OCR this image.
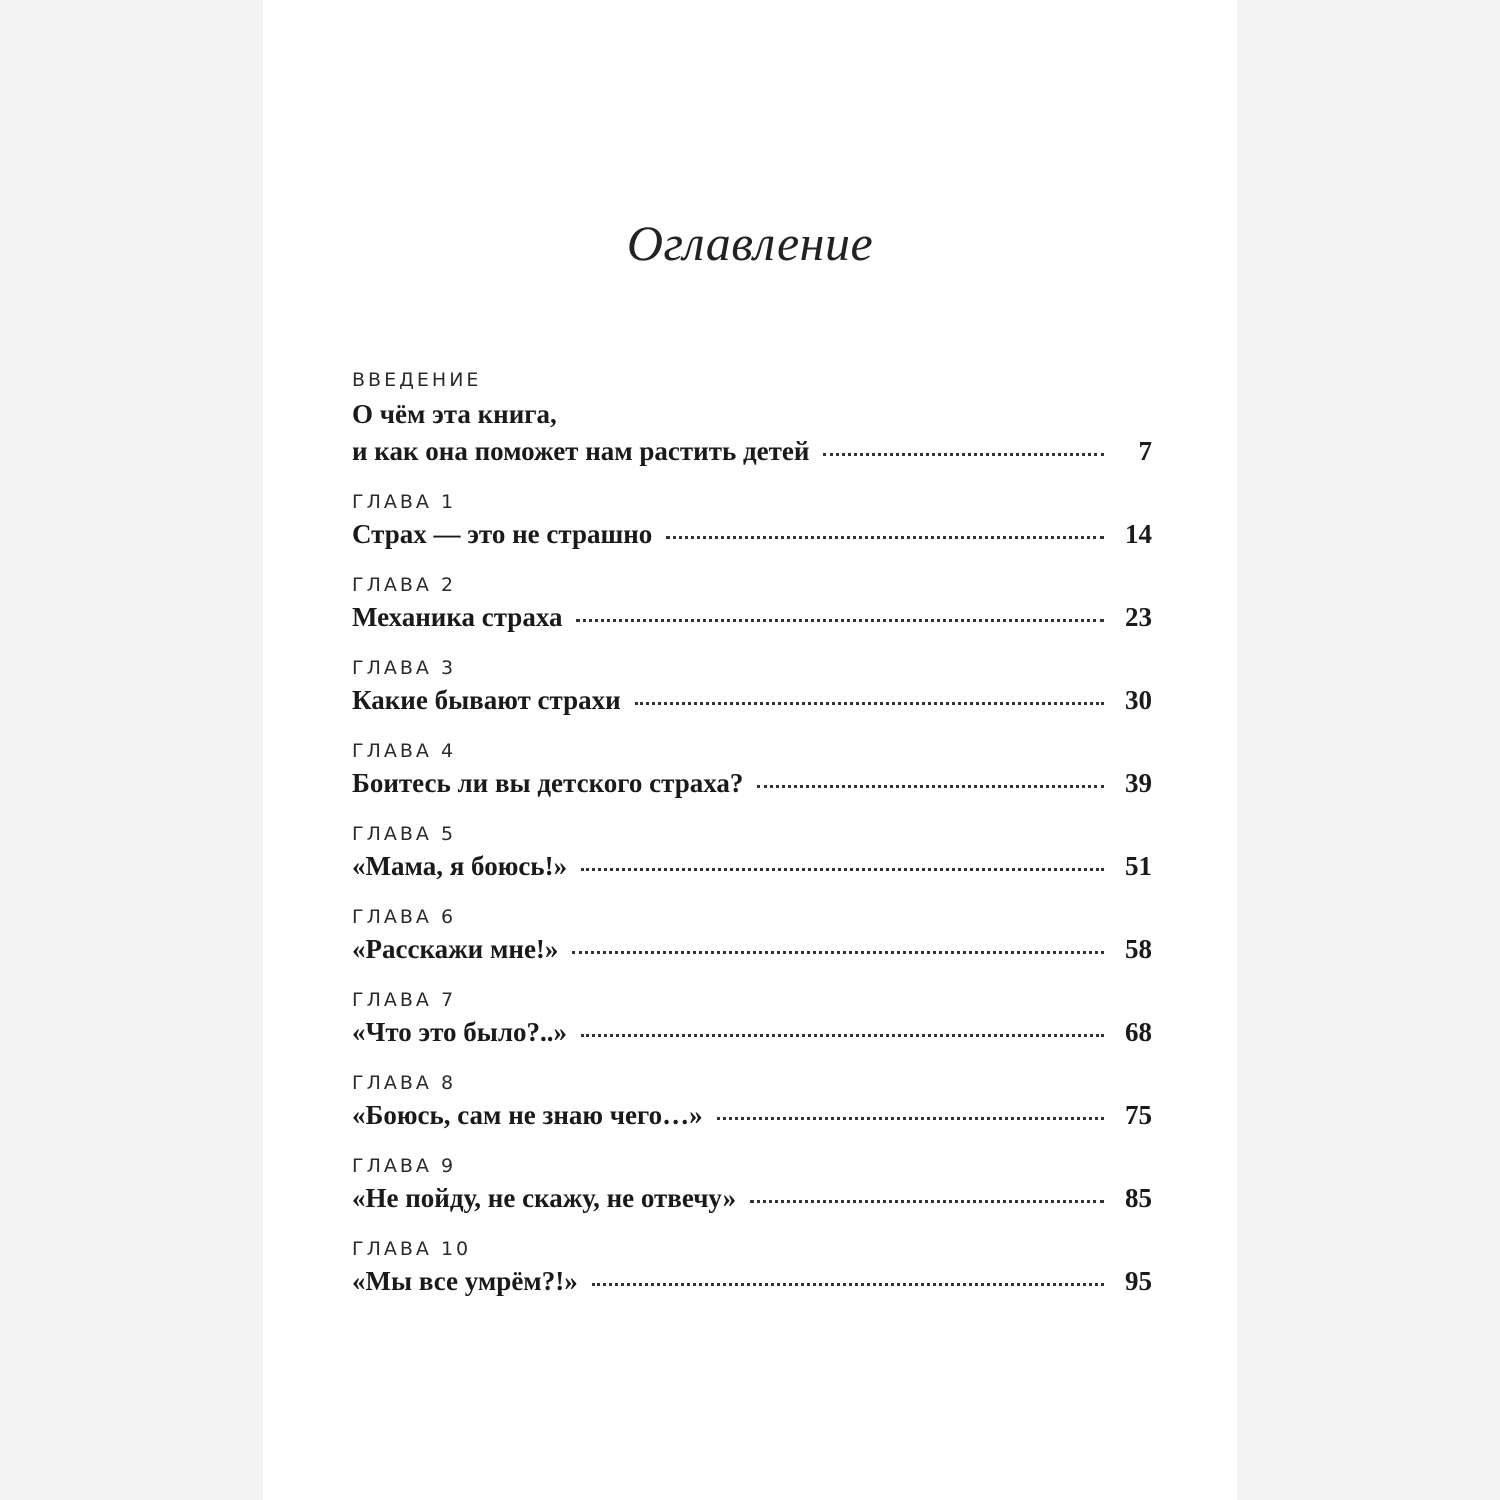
Оглавление
ВВЕДЕНИЕ
О чём эта книга,
и как она поможет нам растить детей	7
ГЛАВА 1
Страх — это не страшно	14
ГЛАВА 2
Механика страха	23
ГЛАВА 3
Какие бывают страхи	30
ГЛАВА 4
Боитесь ли вы детского страха?	39
ГЛАВА 5
«Мама, я боюсь!»	51
ГЛАВА 6
«Расскажи мне!»	58
ГЛАВА 7
«Что это было?..»	68
ГЛАВА 8
«Боюсь, сам не знаю чего…»	75
ГЛАВА 9
«Не пойду, не скажу, не отвечу»	85
ГЛАВА 10
«Мы все умрём?!»	95
